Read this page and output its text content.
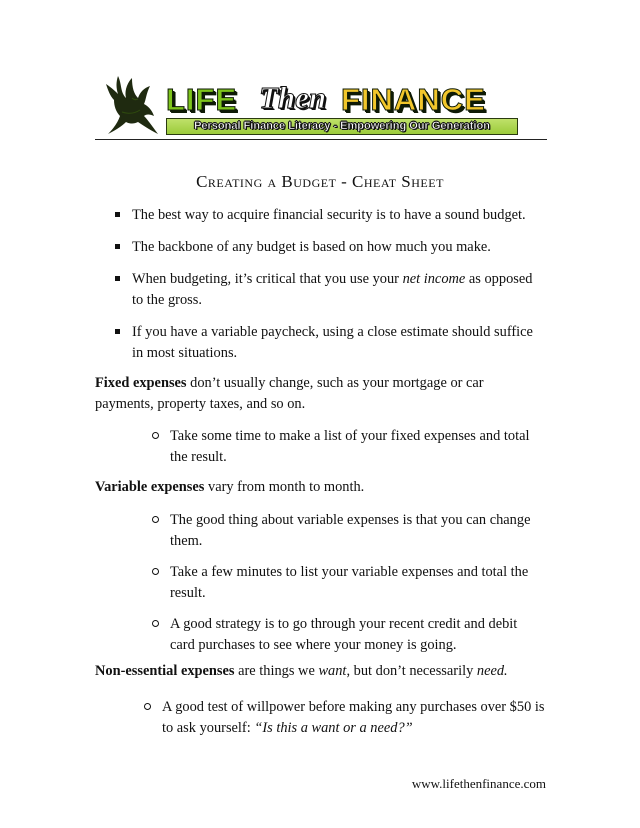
LIFE Then FINANCE
Personal Finance Literacy - Empowering Our Generation
Creating a Budget - Cheat Sheet
The best way to acquire financial security is to have a sound budget.
The backbone of any budget is based on how much you make.
When budgeting, it’s critical that you use your net income as opposed
to the gross.
If you have a variable paycheck, using a close estimate should suffice
in most situations.

Fixed expenses don’t usually change, such as your mortgage or car

payments, property taxes, and so on.

Take some time to make a list of your fixed expenses and total
the result.

Variable expenses vary from month to month.

The good thing about variable expenses is that you can change
them.
Take a few minutes to list your variable expenses and total the
result.
A good strategy is to go through your recent credit and debit
card purchases to see where your money is going.

Non-essential expenses are things we want, but don’t necessarily need.

A good test of willpower before making any purchases over $50 is
to ask yourself: “Is this a want or a need?”
www.lifethenfinance.com
